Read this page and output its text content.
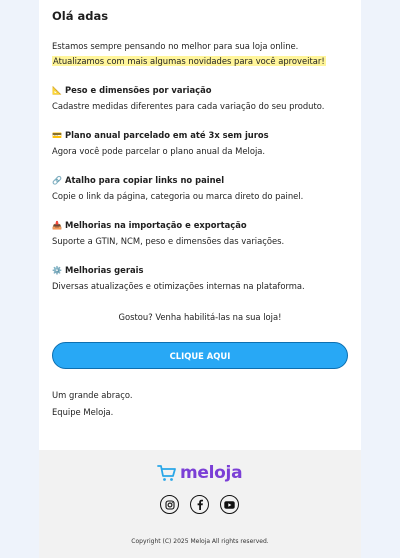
Olá adas

Estamos sempre pensando no melhor para sua loja online.

Atualizamos com mais algumas novidades para você aproveitar!

📐 Peso e dimensões por variação

Cadastre medidas diferentes para cada variação do seu produto.

💳 Plano anual parcelado em até 3x sem juros

Agora você pode parcelar o plano anual da Meloja.

🔗 Atalho para copiar links no painel

Copie o link da página, categoria ou marca direto do painel.

📥 Melhorias na importação e exportação

Suporte a GTIN, NCM, peso e dimensões das variações.

⚙️ Melhorias gerais

Diversas atualizações e otimizações internas na plataforma.

Gostou? Venha habilitá-las na sua loja!

CLIQUE AQUI

Um grande abraço.

Equipe Meloja.

meloja
Copyright (C) 2025 Meloja All rights reserved.
